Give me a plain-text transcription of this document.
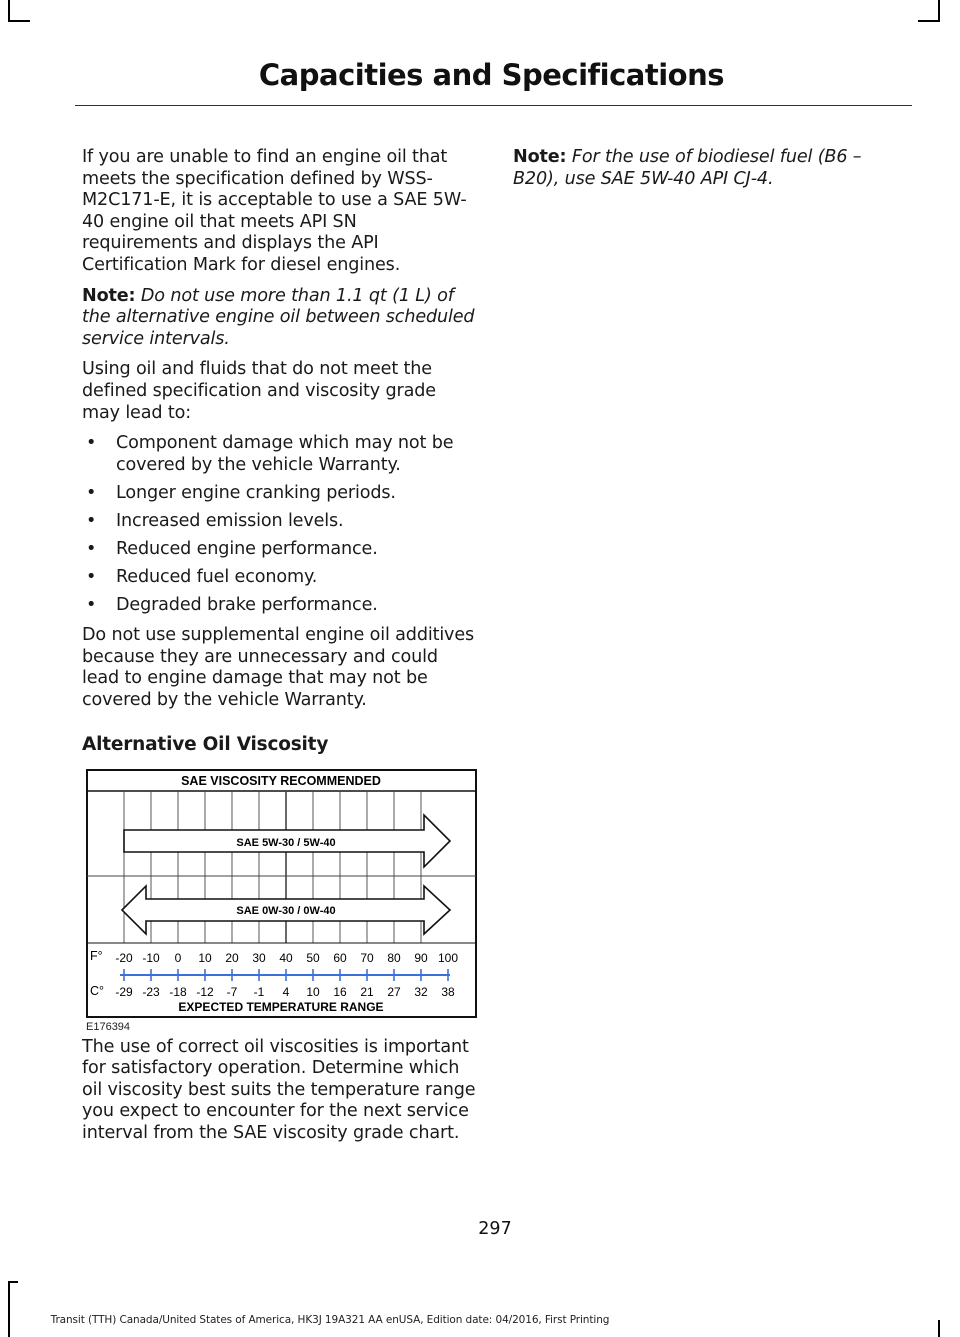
Capacities and Specifications

If you are unable to find an engine oil that meets the specification defined by WSS-M2C171-E, it is acceptable to use a SAE 5W-40 engine oil that meets API SN requirements and displays the API Certification Mark for diesel engines.

Note: Do not use more than 1.1 qt (1 L) of the alternative engine oil between scheduled service intervals.

Using oil and fluids that do not meet the defined specification and viscosity grade may lead to:

• Component damage which may not be covered by the vehicle Warranty.
• Longer engine cranking periods.
• Increased emission levels.
• Reduced engine performance.
• Reduced fuel economy.
• Degraded brake performance.

Do not use supplemental engine oil additives because they are unnecessary and could lead to engine damage that may not be covered by the vehicle Warranty.

Alternative Oil Viscosity
SAE VISCOSITY RECOMMENDED
SAE 5W-30 / 5W-40
SAE 0W-30 / 0W-40
F°
C°
-20 -10 0 10 20 30 40 50 60 70 80 90 100
-29 -23 -18 -12 -7 -1 4 10 16 21 27 32 38
EXPECTED TEMPERATURE RANGE
E176394

The use of correct oil viscosities is important for satisfactory operation. Determine which oil viscosity best suits the temperature range you expect to encounter for the next service interval from the SAE viscosity grade chart.

Note: For the use of biodiesel fuel (B6 – B20), use SAE 5W-40 API CJ-4.

297
Transit (TTH) Canada/United States of America, HK3J 19A321 AA enUSA, Edition date: 04/2016, First Printing
